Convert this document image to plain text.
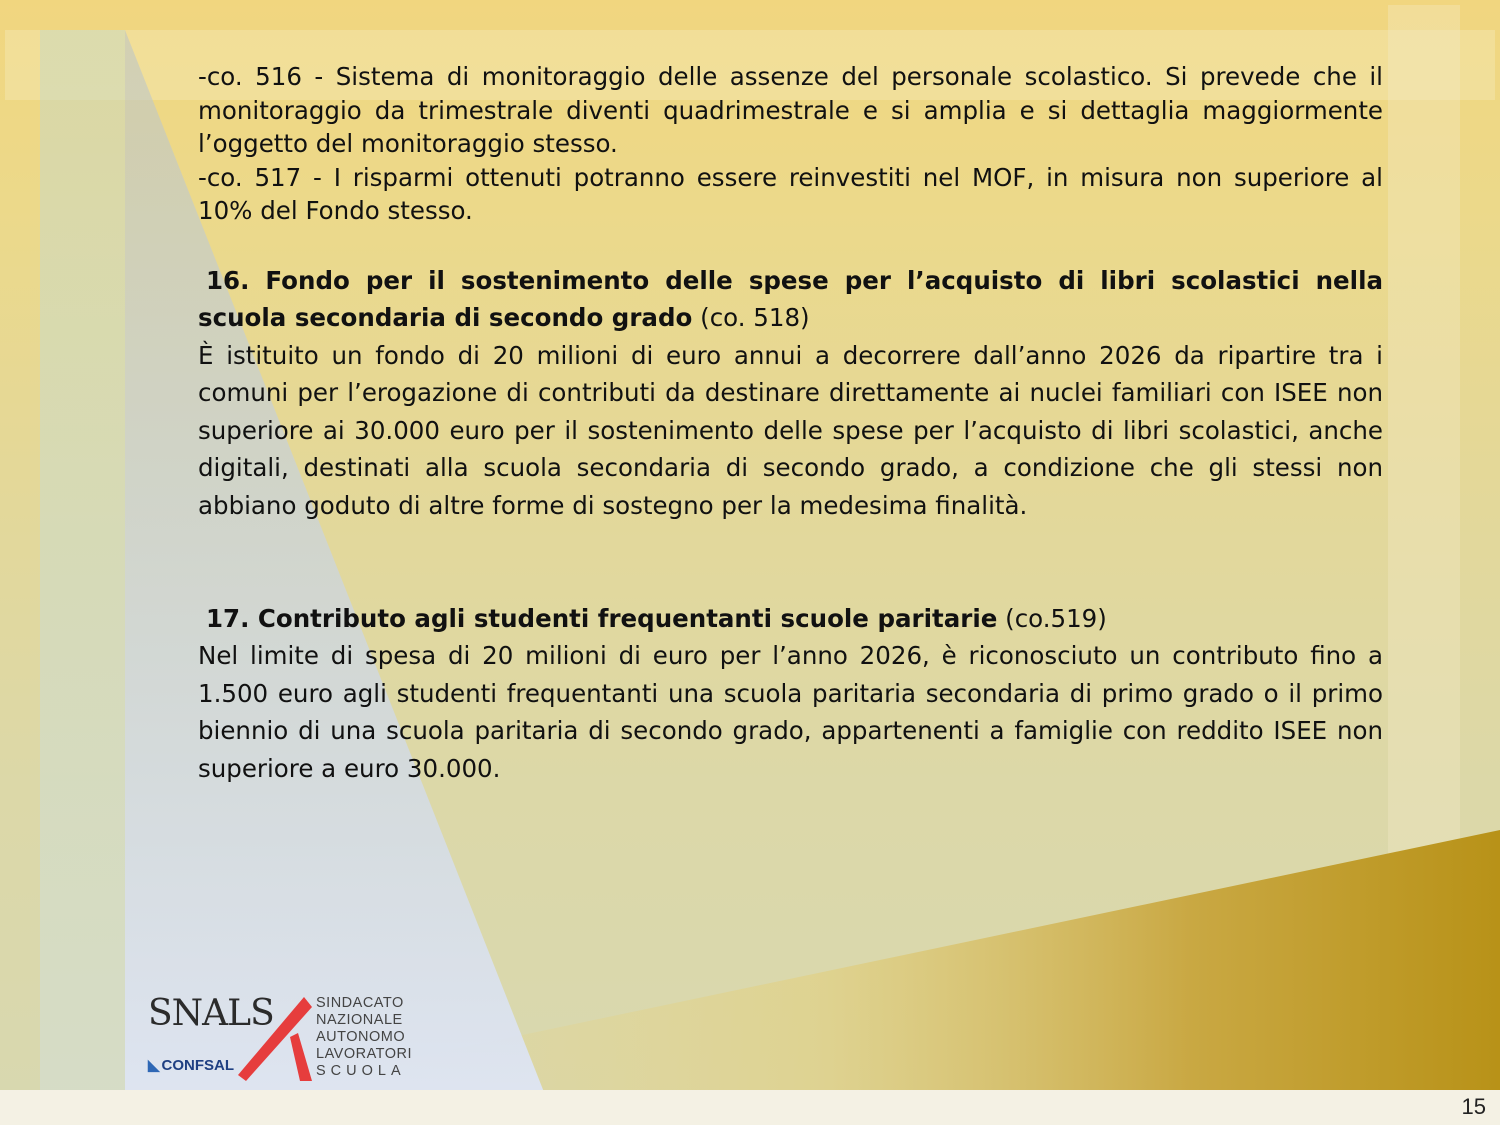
-co. 516 - Sistema di monitoraggio delle assenze del personale scolastico. Si prevede che il monitoraggio da trimestrale diventi quadrimestrale e si amplia e si dettaglia maggiormente l’oggetto del monitoraggio stesso.

-co. 517 - I risparmi ottenuti potranno essere reinvestiti nel MOF, in misura non superiore al 10% del Fondo stesso.

16. Fondo per il sostenimento delle spese per l’acquisto di libri scolastici nella scuola secondaria di secondo grado (co. 518)

È istituito un fondo di 20 milioni di euro annui a decorrere dall’anno 2026 da ripartire tra i comuni per l’erogazione di contributi da destinare direttamente ai nuclei familiari con ISEE non superiore ai 30.000 euro per il sostenimento delle spese per l’acquisto di libri scolastici, anche digitali, destinati alla scuola secondaria di secondo grado, a condizione che gli stessi non abbiano goduto di altre forme di sostegno per la medesima finalità.

17. Contributo agli studenti frequentanti scuole paritarie (co.519)

Nel limite di spesa di 20 milioni di euro per l’anno 2026, è riconosciuto un contributo fino a 1.500 euro agli studenti frequentanti una scuola paritaria secondaria di primo grado o il primo biennio di una scuola paritaria di secondo grado, appartenenti a famiglie con reddito ISEE non superiore a euro 30.000.

SNALS
◣ CONFSAL
SINDACATO
NAZIONALE
AUTONOMO
LAVORATORI
SCUOLA
15
